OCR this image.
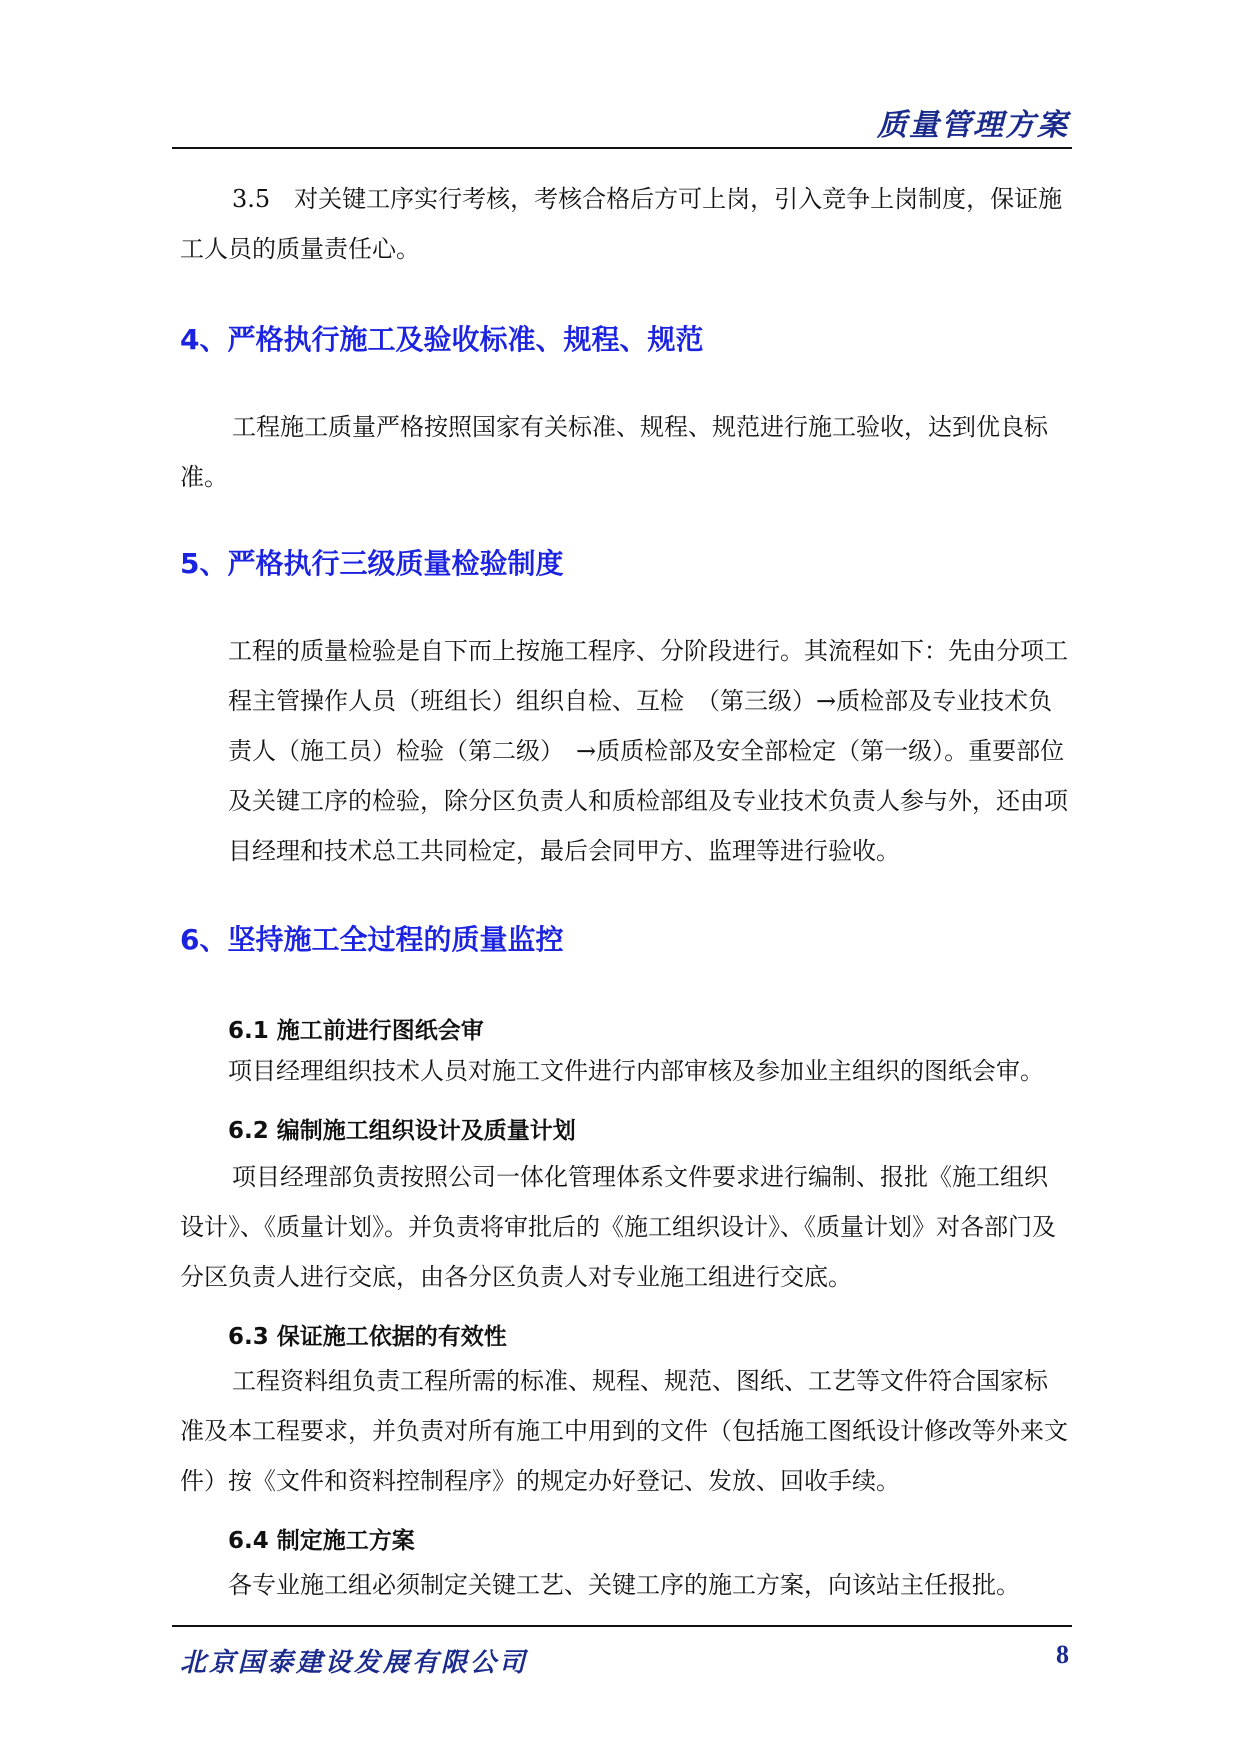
质量管理方案
3.5　对关键工序实行考核，考核合格后方可上岗，引入竞争上岗制度，保证施工人员的质量责任心。
4、严格执行施工及验收标准、规程、规范
工程施工质量严格按照国家有关标准、规程、规范进行施工验收，达到优良标准。
5、严格执行三级质量检验制度
工程的质量检验是自下而上按施工程序、分阶段进行。其流程如下：先由分项工程主管操作人员（班组长）组织自检、互检　（第三级）→质检部及专业技术负责人（施工员）检验（第二级）　→质质检部及安全部检定（第一级）。重要部位及关键工序的检验，除分区负责人和质检部组及专业技术负责人参与外，还由项目经理和技术总工共同检定，最后会同甲方、监理等进行验收。
6、坚持施工全过程的质量监控
6.1 施工前进行图纸会审
项目经理组织技术人员对施工文件进行内部审核及参加业主组织的图纸会审。
6.2 编制施工组织设计及质量计划
项目经理部负责按照公司一体化管理体系文件要求进行编制、报批《施工组织设计》、《质量计划》。并负责将审批后的《施工组织设计》、《质量计划》对各部门及分区负责人进行交底，由各分区负责人对专业施工组进行交底。
6.3 保证施工依据的有效性
工程资料组负责工程所需的标准、规程、规范、图纸、工艺等文件符合国家标准及本工程要求，并负责对所有施工中用到的文件（包括施工图纸设计修改等外来文件）按《文件和资料控制程序》的规定办好登记、发放、回收手续。
6.4 制定施工方案
各专业施工组必须制定关键工艺、关键工序的施工方案，向该站主任报批。
北京国泰建设发展有限公司	8
